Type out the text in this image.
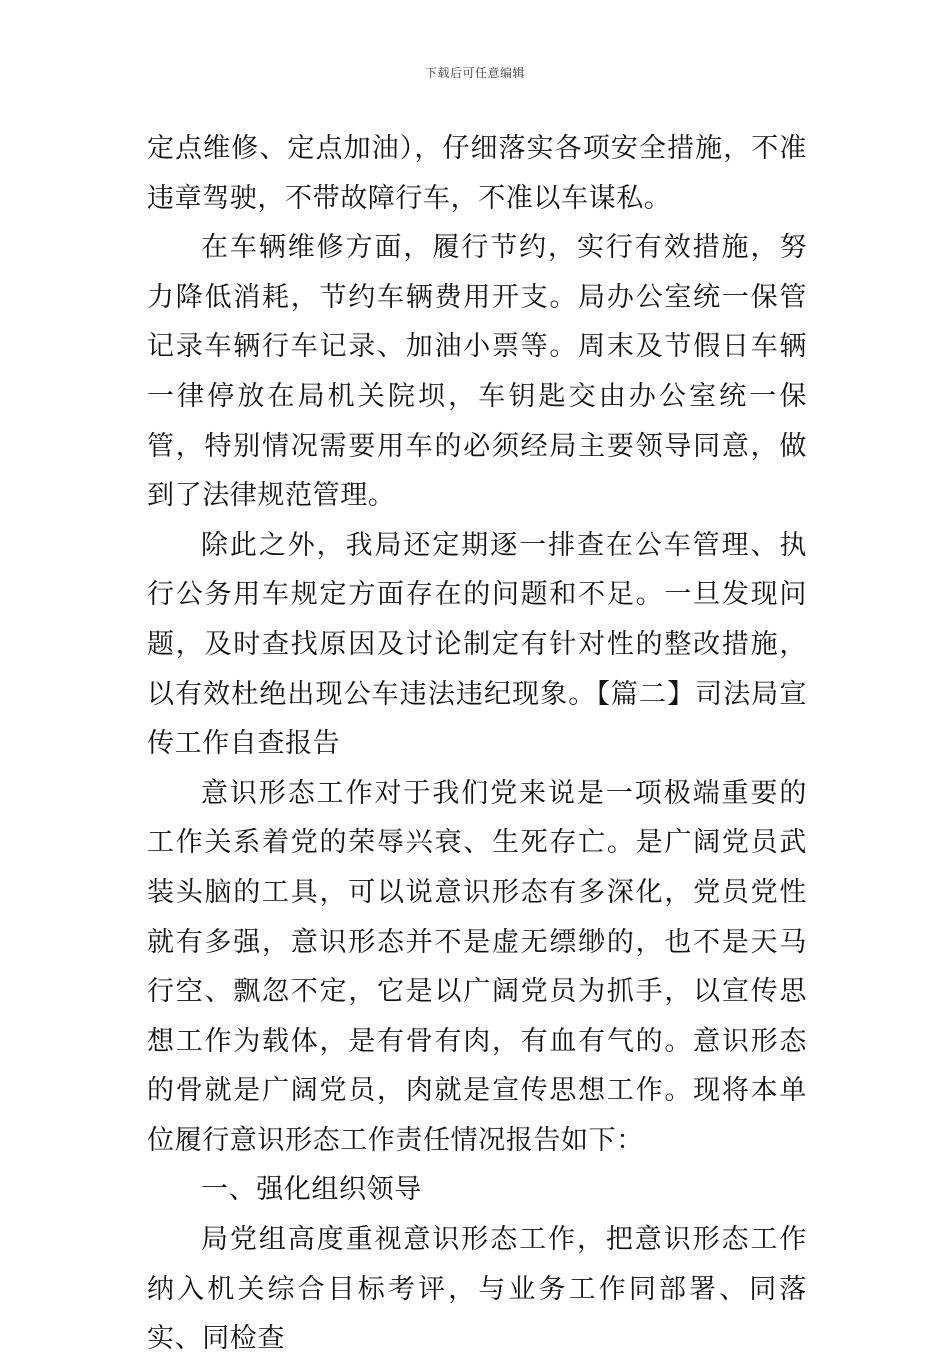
下载后可任意编辑

定点维修、定点加油），仔细落实各项安全措施，不准违章驾驶，不带故障行车，不准以车谋私。

在车辆维修方面，履行节约，实行有效措施，努力降低消耗，节约车辆费用开支。局办公室统一保管记录车辆行车记录、加油小票等。周末及节假日车辆一律停放在局机关院坝，车钥匙交由办公室统一保管，特别情况需要用车的必须经局主要领导同意，做到了法律规范管理。

除此之外，我局还定期逐一排查在公车管理、执行公务用车规定方面存在的问题和不足。一旦发现问题，及时查找原因及讨论制定有针对性的整改措施，以有效杜绝出现公车违法违纪现象。【篇二】司法局宣传工作自查报告

意识形态工作对于我们党来说是一项极端重要的工作关系着党的荣辱兴衰、生死存亡。是广阔党员武装头脑的工具，可以说意识形态有多深化，党员党性就有多强，意识形态并不是虚无缥缈的，也不是天马行空、飘忽不定，它是以广阔党员为抓手，以宣传思想工作为载体，是有骨有肉，有血有气的。意识形态的骨就是广阔党员，肉就是宣传思想工作。现将本单位履行意识形态工作责任情况报告如下：

一、强化组织领导

局党组高度重视意识形态工作，把意识形态工作纳入机关综合目标考评，与业务工作同部署、同落实、同检查
